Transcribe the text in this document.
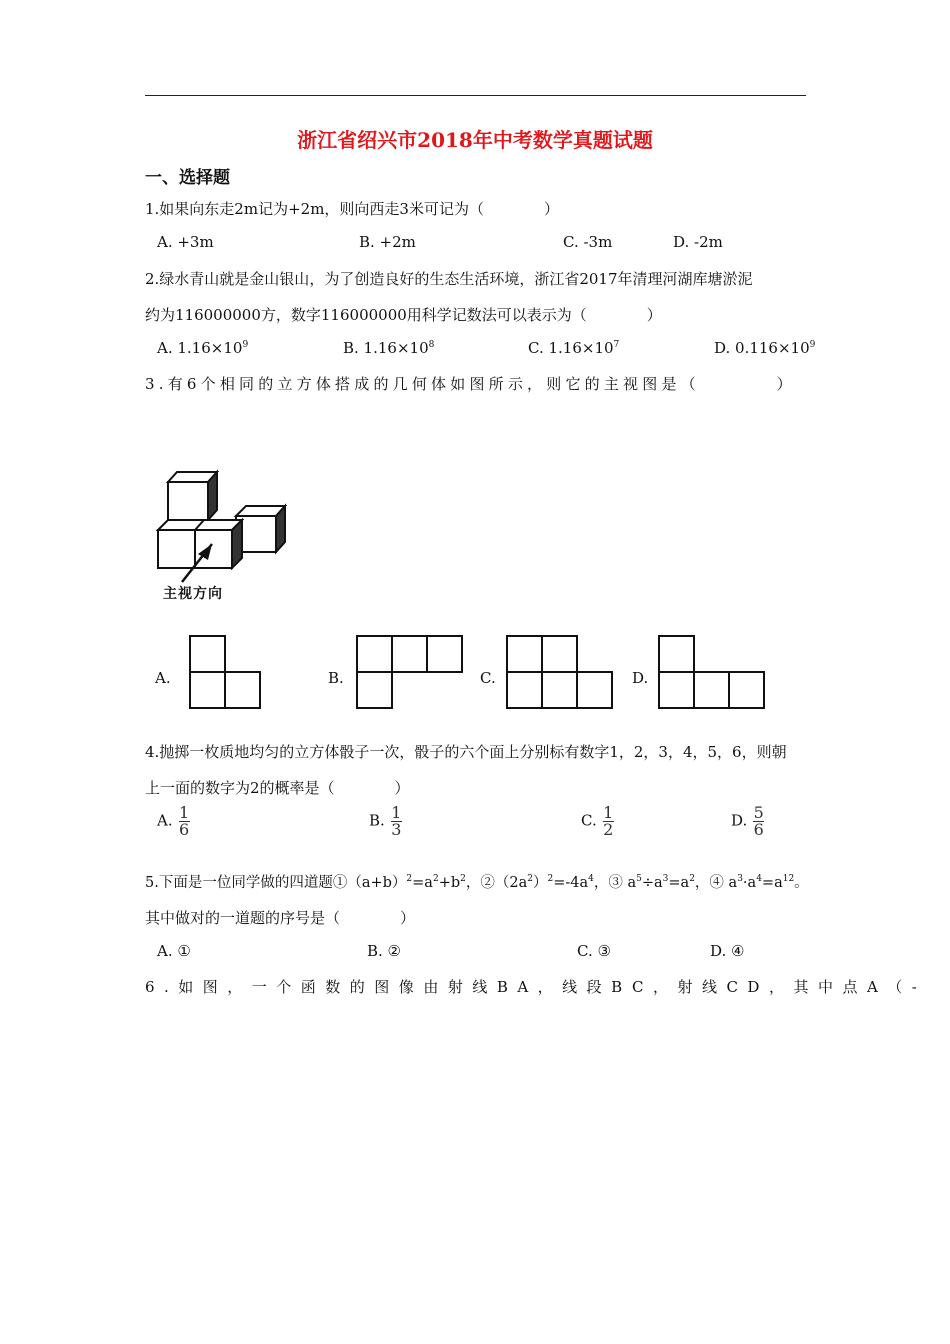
浙江省绍兴市2018年中考数学真题试题
一、选择题
1.如果向东走2m记为+2m，则向西走3米可记为（　　　　）
A. +3m	B. +2m	C. -3m	D. -2m
2.绿水青山就是金山银山，为了创造良好的生态生活环境，浙江省2017年清理河湖库塘淤泥
约为116000000方，数字116000000用科学记数法可以表示为（　　　　）
A. $1.16\times 10^9$	B. $1.16\times 10^8$	C. $1.16\times 10^7$	D. $0.116\times 10^9$
3.有6个相同的立方体搭成的几何体如图所示，则它的主视图是（　　　　）
主视方向
A.	B.	C.	D.
4.抛掷一枚质地均匀的立方体骰子一次，骰子的六个面上分别标有数字1，2，3，4，5，6，则朝
上一面的数字为2的概率是（　　　　）
A. $\frac{1}{6}$	B. $\frac{1}{3}$	C. $\frac{1}{2}$	D. $\frac{5}{6}$
5.下面是一位同学做的四道题$①(a+b)^2=a^2+b^2$，$②(2a^2)^2=-4a^4$，③ $a^5\div a^3=a^2$，④ $a^3\cdot a^4=a^{12}$。
其中做对的一道题的序号是（　　　　）
A. ①	B. ②	C. ③	D. ④
6.如图，一个函数的图像由射线BA，线段BC，射线CD，其中点A（-
